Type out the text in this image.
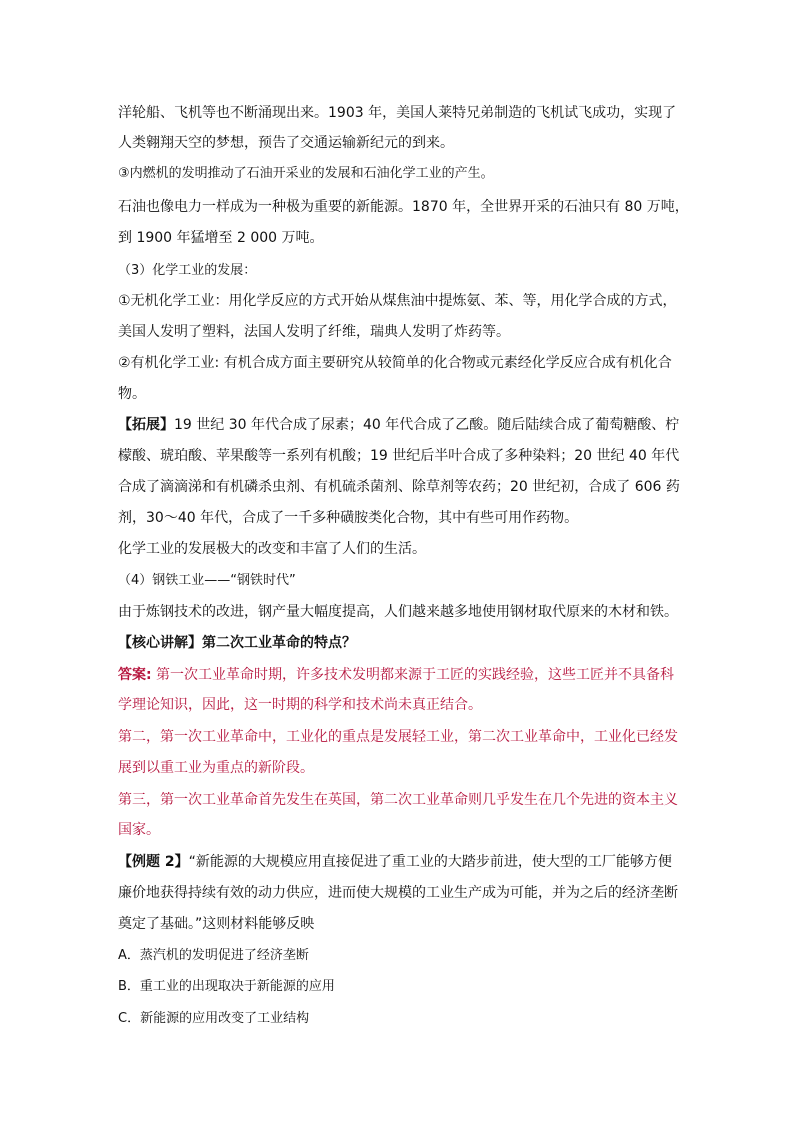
洋轮船、飞机等也不断涌现出来。1903 年，美国人莱特兄弟制造的飞机试飞成功，实现了
人类翱翔天空的梦想，预告了交通运输新纪元的到来。
③内燃机的发明推动了石油开采业的发展和石油化学工业的产生。
石油也像电力一样成为一种极为重要的新能源。1870 年，全世界开采的石油只有 80 万吨，
到 1900 年猛增至 2 000 万吨。
（3）化学工业的发展：
①无机化学工业：用化学反应的方式开始从煤焦油中提炼氨、苯、等，用化学合成的方式，
美国人发明了塑料，法国人发明了纤维，瑞典人发明了炸药等。
②有机化学工业: 有机合成方面主要研究从较简单的化合物或元素经化学反应合成有机化合
物。
【拓展】19 世纪 30 年代合成了尿素；40 年代合成了乙酸。随后陆续合成了葡萄糖酸、柠
檬酸、琥珀酸、苹果酸等一系列有机酸；19 世纪后半叶合成了多种染料；20 世纪 40 年代
合成了滴滴涕和有机磷杀虫剂、有机硫杀菌剂、除草剂等农药；20 世纪初，合成了 606 药
剂，30～40 年代，合成了一千多种磺胺类化合物，其中有些可用作药物。
化学工业的发展极大的改变和丰富了人们的生活。
（4）钢铁工业——“钢铁时代”
由于炼钢技术的改进，钢产量大幅度提高，人们越来越多地使用钢材取代原来的木材和铁。
【核心讲解】第二次工业革命的特点？
答案: 第一次工业革命时期，许多技术发明都来源于工匠的实践经验，这些工匠并不具备科
学理论知识，因此，这一时期的科学和技术尚未真正结合。
第二，第一次工业革命中，工业化的重点是发展轻工业，第二次工业革命中，工业化已经发
展到以重工业为重点的新阶段。
第三，第一次工业革命首先发生在英国，第二次工业革命则几乎发生在几个先进的资本主义
国家。
【例题 2】“新能源的大规模应用直接促进了重工业的大踏步前进，使大型的工厂能够方便
廉价地获得持续有效的动力供应，进而使大规模的工业生产成为可能，并为之后的经济垄断
奠定了基础。”这则材料能够反映
A．蒸汽机的发明促进了经济垄断
B．重工业的出现取决于新能源的应用
C．新能源的应用改变了工业结构
